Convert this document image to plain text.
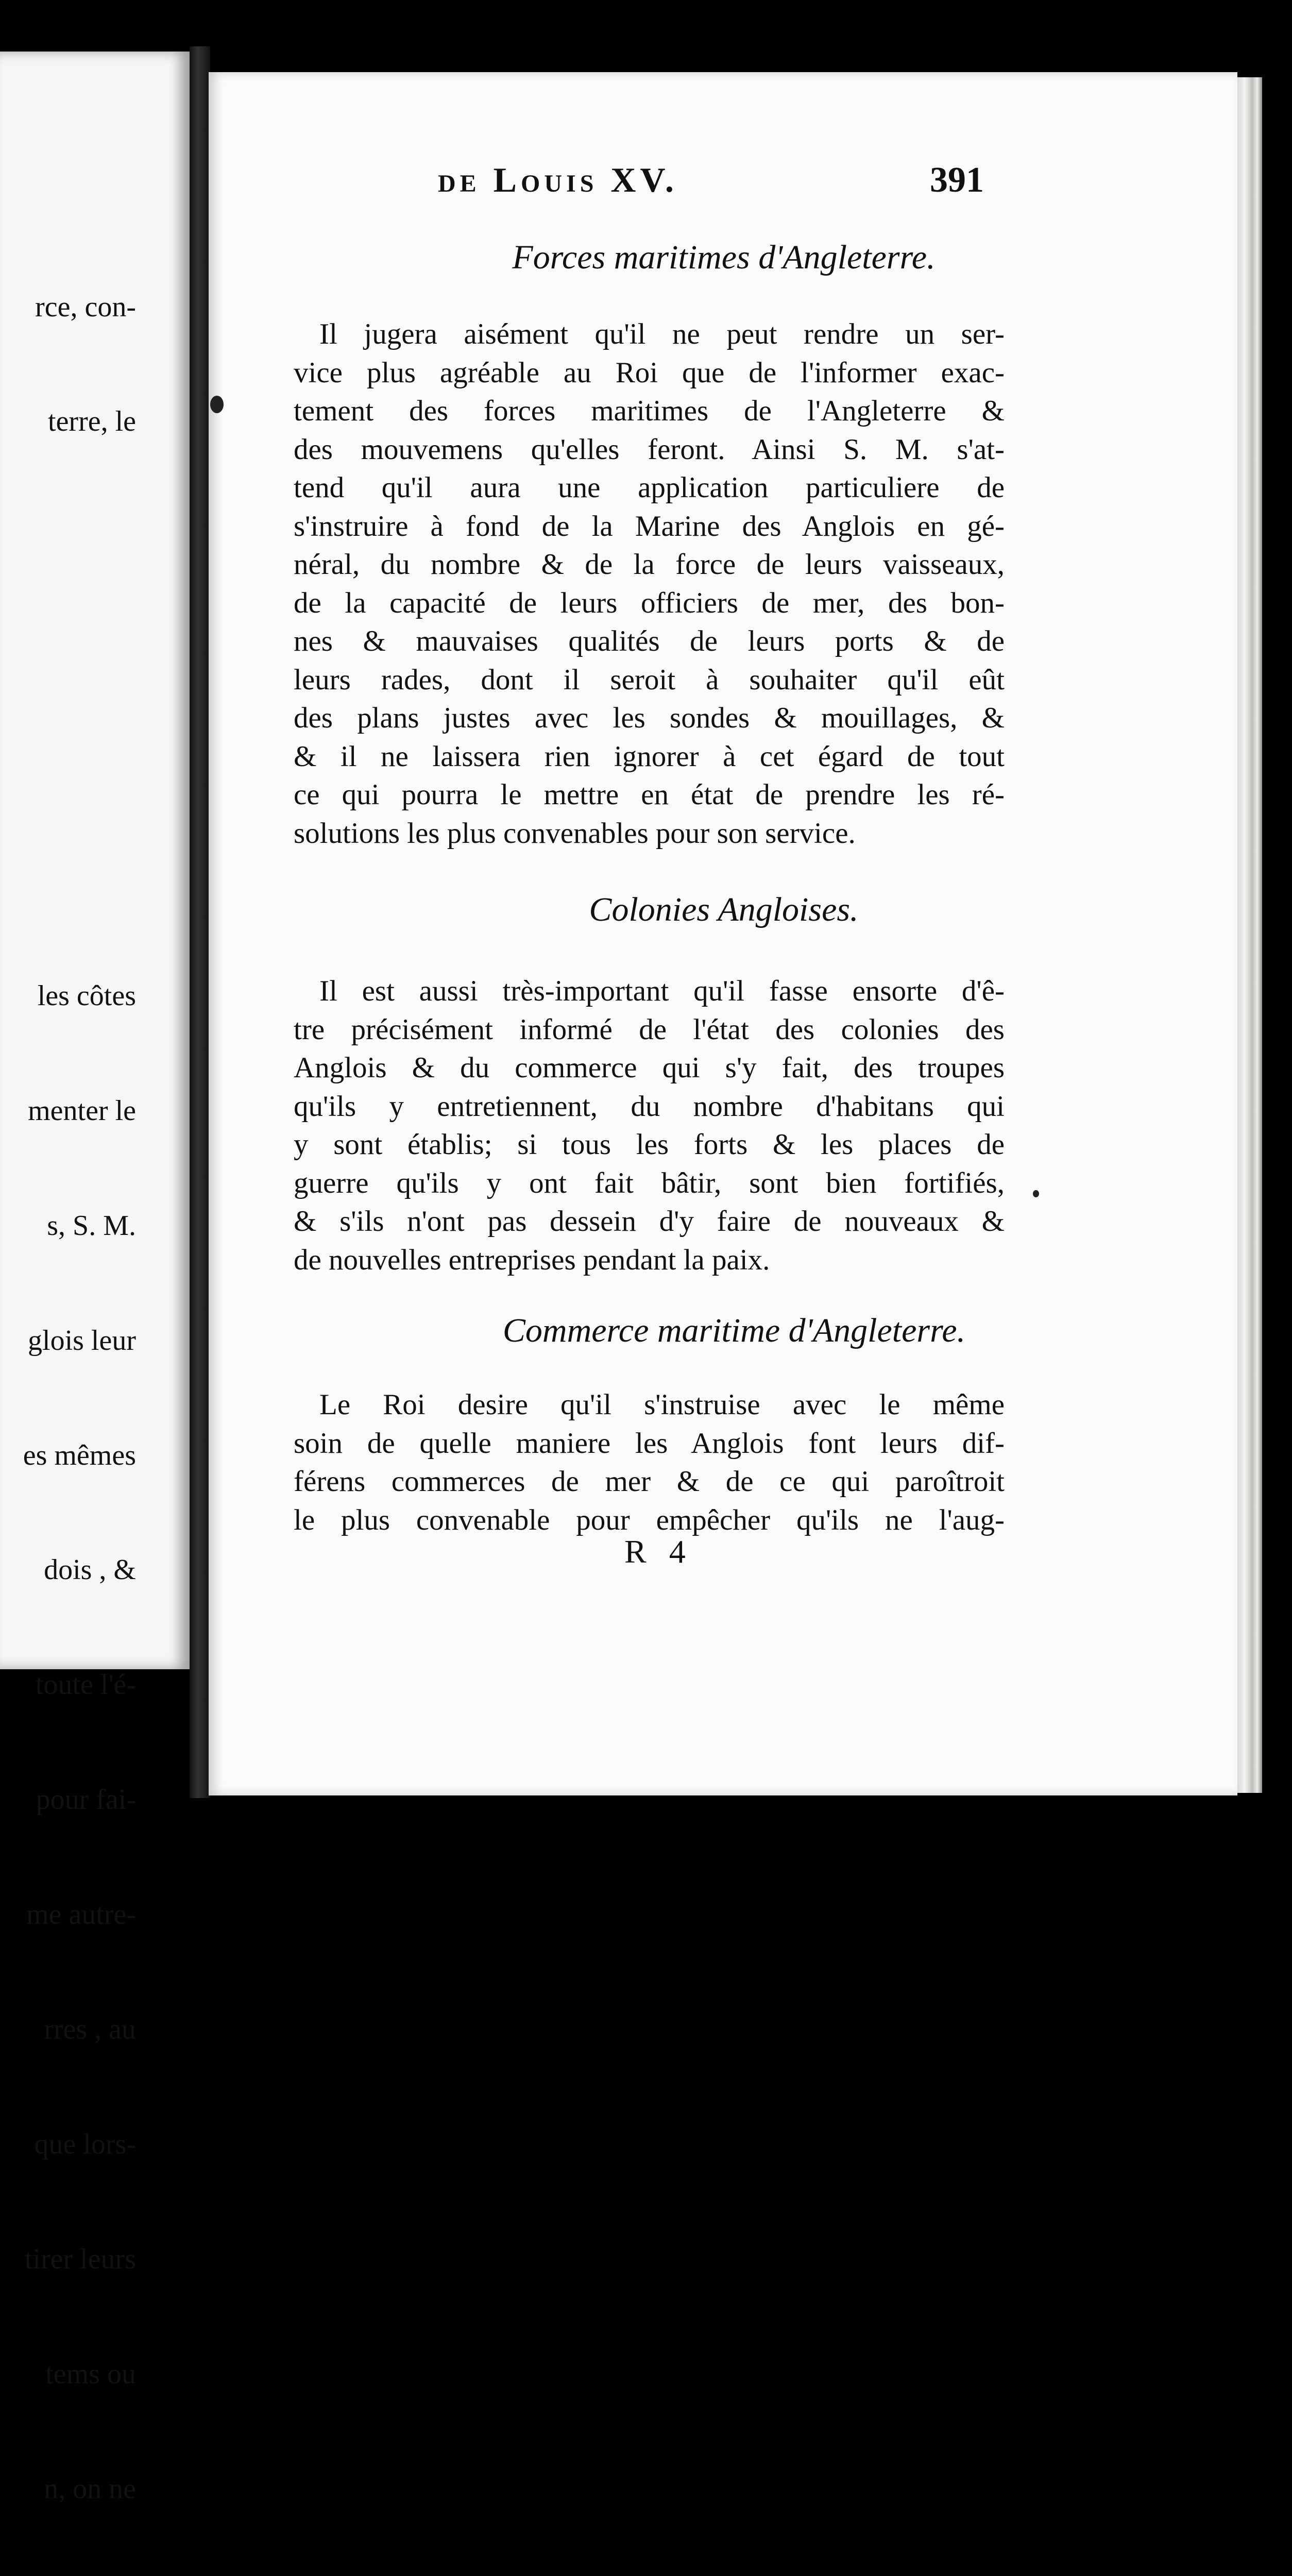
rce, con-

terre, le

les côtes

menter le

s, S. M.

glois leur

es mêmes

dois , &

toute l'é-

pour fai-

me autre-

rres , au

que lors-

tirer leurs

tems ou

n, on ne

de Louis XV.	391
Forces maritimes d'Angleterre.
Il jugera aisément qu'il ne peut rendre un ser-
vice plus agréable au Roi que de l'informer exac-
tement des forces maritimes de l'Angleterre &
des mouvemens qu'elles feront. Ainsi S. M. s'at-
tend qu'il aura une application particuliere de
s'instruire à fond de la Marine des Anglois en gé-
néral, du nombre & de la force de leurs vaisseaux,
de la capacité de leurs officiers de mer, des bon-
nes & mauvaises qualités de leurs ports & de
leurs rades, dont il seroit à souhaiter qu'il eût
des plans justes avec les sondes & mouillages, &
& il ne laissera rien ignorer à cet égard de tout
ce qui pourra le mettre en état de prendre les ré-
solutions les plus convenables pour son service.
Colonies Angloises.
Il est aussi très-important qu'il fasse ensorte d'ê-
tre précisément informé de l'état des colonies des
Anglois & du commerce qui s'y fait, des troupes
qu'ils y entretiennent, du nombre d'habitans qui
y sont établis; si tous les forts & les places de
guerre qu'ils y ont fait bâtir, sont bien fortifiés,
& s'ils n'ont pas dessein d'y faire de nouveaux &
de nouvelles entreprises pendant la paix.
Commerce maritime d'Angleterre.
Le Roi desire qu'il s'instruise avec le même
soin de quelle maniere les Anglois font leurs dif-
férens commerces de mer & de ce qui paroîtroit
le plus convenable pour empêcher qu'ils ne l'aug-
R 4
